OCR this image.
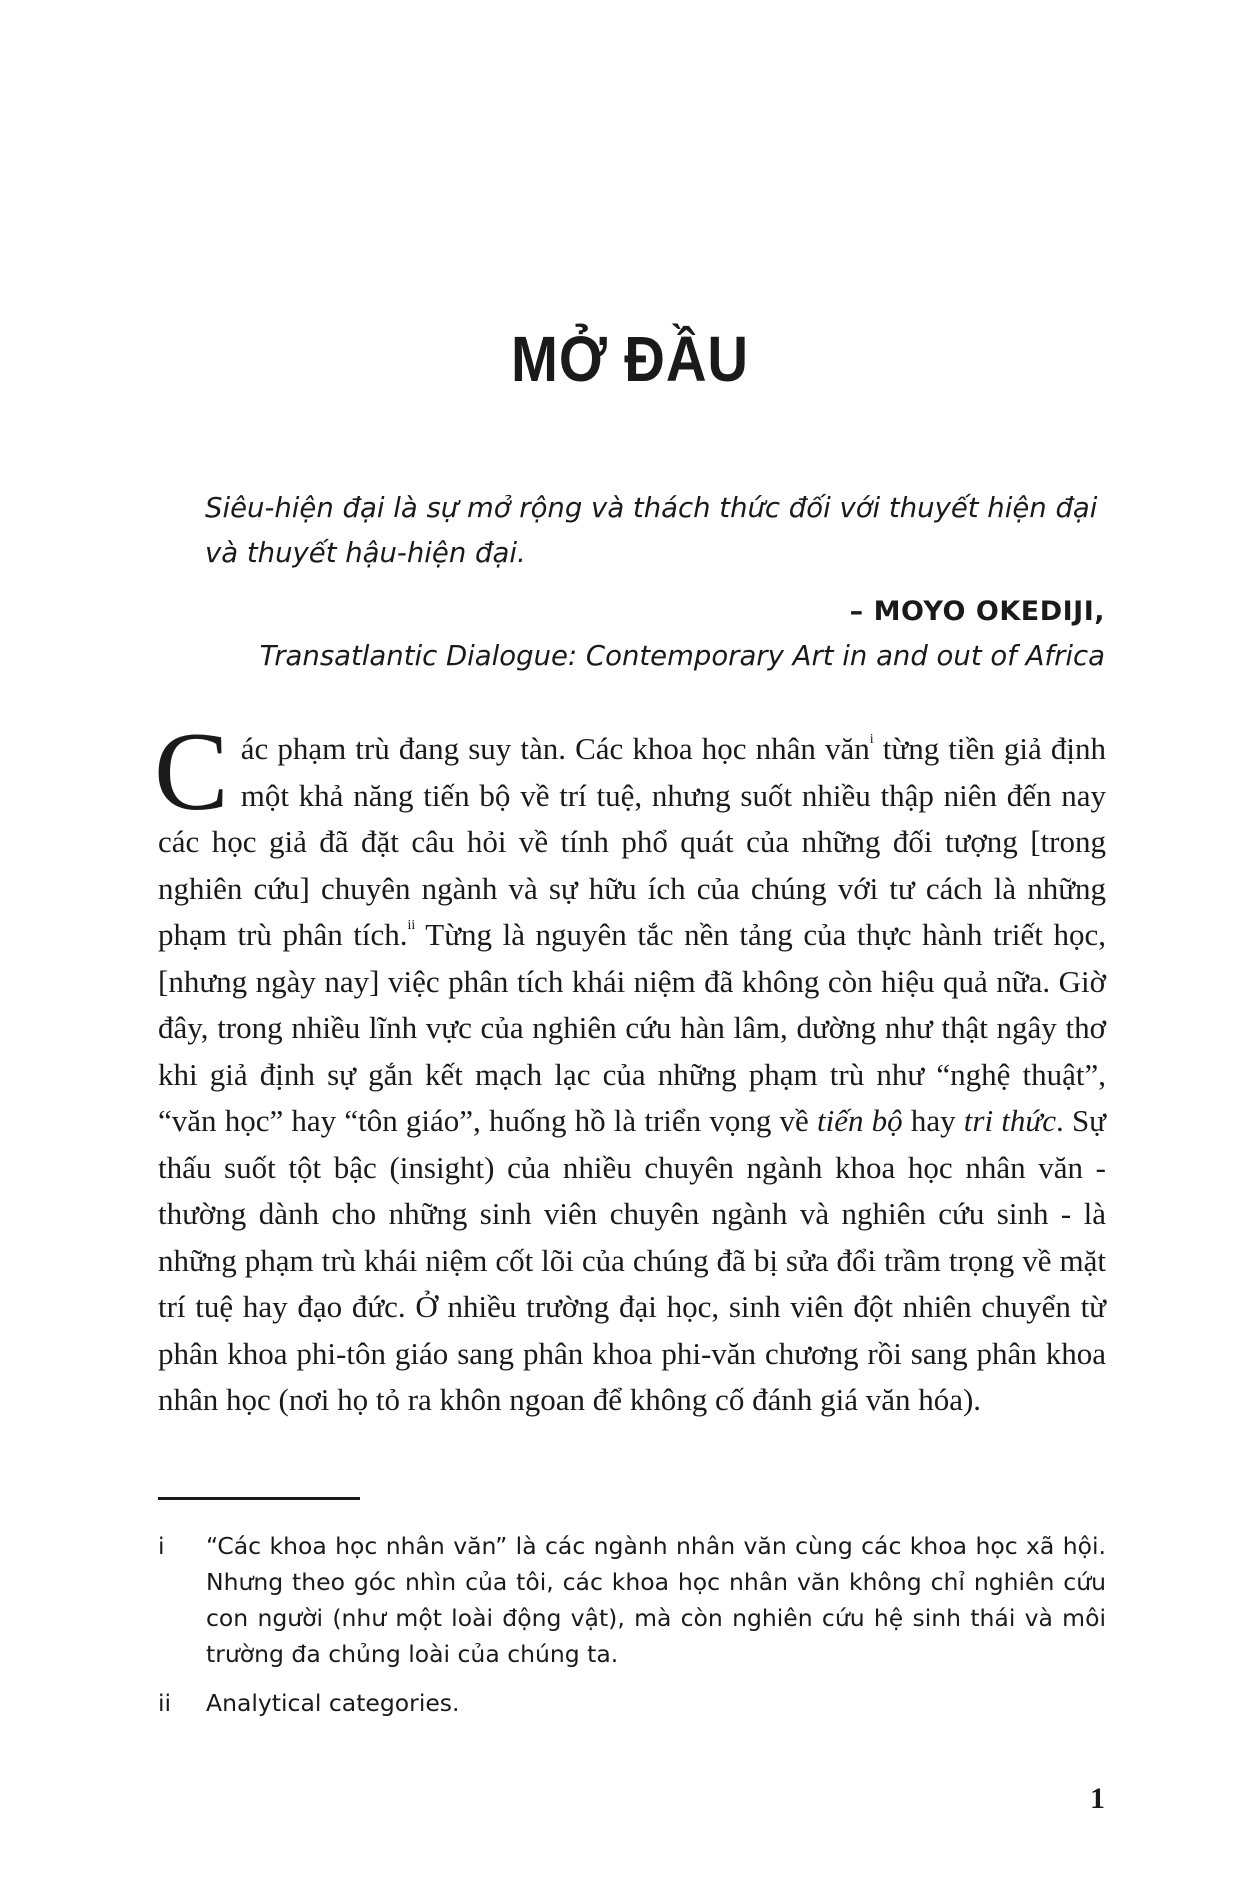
MỞ ĐẦU
Siêu-hiện đại là sự mở rộng và thách thức đối với thuyết hiện đại và thuyết hậu-hiện đại.
– MOYO OKEDIJI,
Transatlantic Dialogue: Contemporary Art in and out of Africa
Các phạm trù đang suy tàn. Các khoa học nhân văn$^i$ từng tiền giả định một khả năng tiến bộ về trí tuệ, nhưng suốt nhiều thập niên đến nay các học giả đã đặt câu hỏi về tính phổ quát của những đối tượng [trong nghiên cứu] chuyên ngành và sự hữu ích của chúng với tư cách là những phạm trù phân tích.$^{ii}$ Từng là nguyên tắc nền tảng của thực hành triết học, [nhưng ngày nay] việc phân tích khái niệm đã không còn hiệu quả nữa. Giờ đây, trong nhiều lĩnh vực của nghiên cứu hàn lâm, dường như thật ngây thơ khi giả định sự gắn kết mạch lạc của những phạm trù như “nghệ thuật”, “văn học” hay “tôn giáo”, huống hồ là triển vọng về tiến bộ hay tri thức. Sự thấu suốt tột bậc (insight) của nhiều chuyên ngành khoa học nhân văn - thường dành cho những sinh viên chuyên ngành và nghiên cứu sinh - là những phạm trù khái niệm cốt lõi của chúng đã bị sửa đổi trầm trọng về mặt trí tuệ hay đạo đức. Ở nhiều trường đại học, sinh viên đột nhiên chuyển từ phân khoa phi-tôn giáo sang phân khoa phi-văn chương rồi sang phân khoa nhân học (nơi họ tỏ ra khôn ngoan để không cố đánh giá văn hóa).
i	“Các khoa học nhân văn” là các ngành nhân văn cùng các khoa học xã hội. Nhưng theo góc nhìn của tôi, các khoa học nhân văn không chỉ nghiên cứu con người (như một loài động vật), mà còn nghiên cứu hệ sinh thái và môi trường đa chủng loài của chúng ta.
ii	Analytical categories.
1
